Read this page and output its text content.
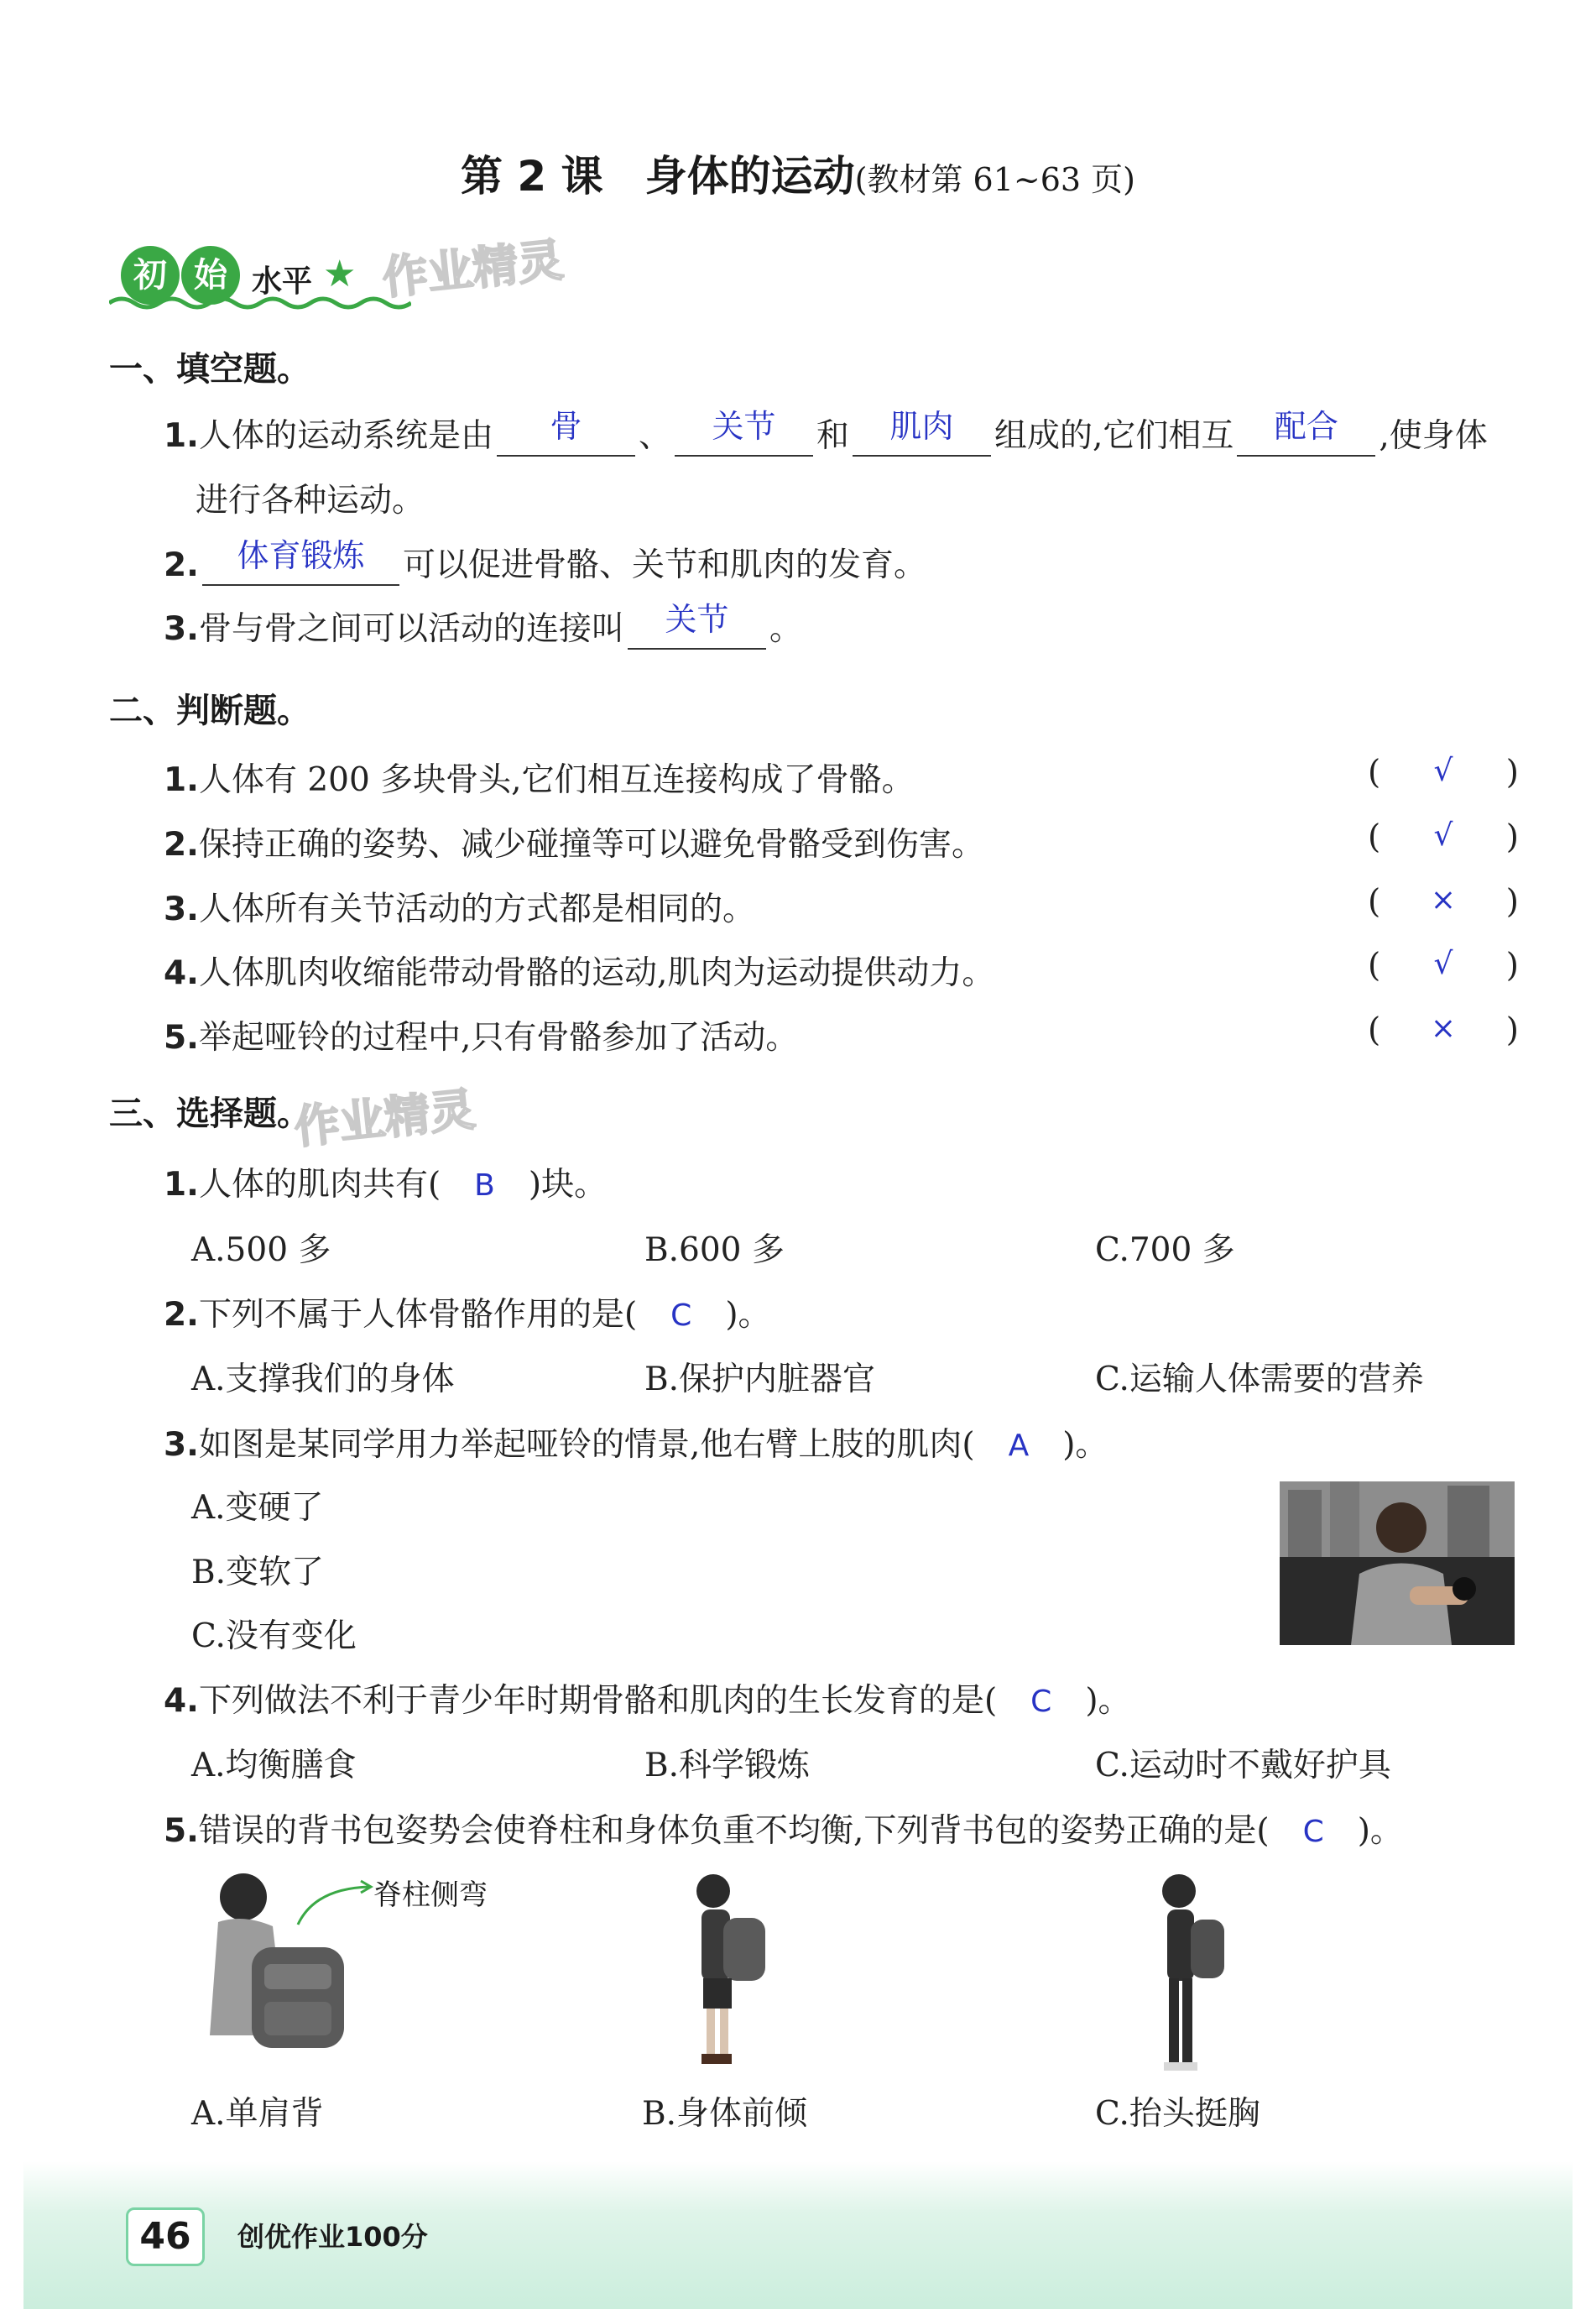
第 2 课　身体的运动(教材第 61~63 页)
初 始 水平 ★ 作业精灵
一、填空题。
1.人体的运动系统是由	骨	、	关节	和	肌肉	组成的,它们相互	配合	,使身体
进行各种运动。
2.	体育锻炼	可以促进骨骼、关节和肌肉的发育。
3.骨与骨之间可以活动的连接叫	关节	。
二、判断题。
1.人体有 200 多块骨头,它们相互连接构成了骨骼。	(	√	)
2.保持正确的姿势、减少碰撞等可以避免骨骼受到伤害。	(	√	)
3.人体所有关节活动的方式都是相同的。	(	×	)
4.人体肌肉收缩能带动骨骼的运动,肌肉为运动提供动力。	(	√	)
5.举起哑铃的过程中,只有骨骼参加了活动。	(	×	)
三、选择题。
作业精灵
1.人体的肌肉共有( B )块。
A.500 多	B.600 多	C.700 多
2.下列不属于人体骨骼作用的是( C )。
A.支撑我们的身体	B.保护内脏器官	C.运输人体需要的营养
3.如图是某同学用力举起哑铃的情景,他右臂上肢的肌肉( A )。
A.变硬了
B.变软了
C.没有变化
4.下列做法不利于青少年时期骨骼和肌肉的生长发育的是( C )。
A.均衡膳食	B.科学锻炼	C.运动时不戴好护具
5.错误的背书包姿势会使脊柱和身体负重不均衡,下列背书包的姿势正确的是( C )。
脊柱侧弯
A.单肩背	B.身体前倾	C.抬头挺胸
46	创优作业100分
